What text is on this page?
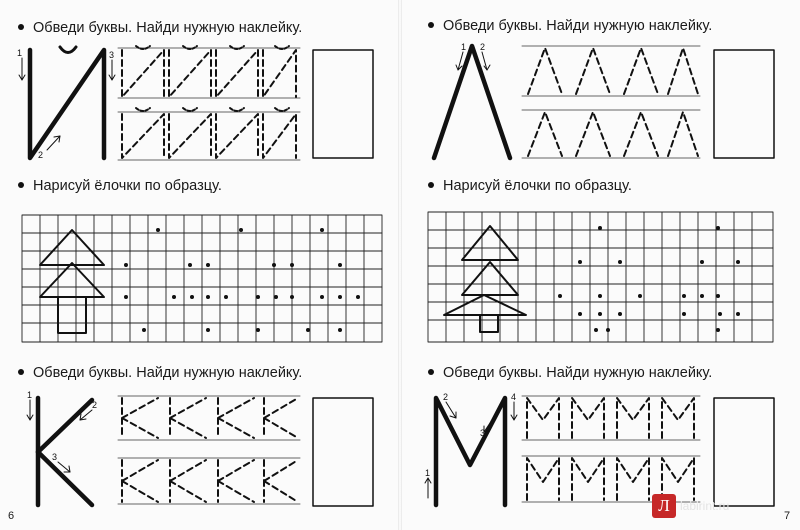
Обведи буквы. Найди нужную наклейку.
Нарисуй ёлочки по образцу.
Обведи буквы. Найди нужную наклейку.
Обведи буквы. Найди нужную наклейку.
Нарисуй ёлочки по образцу.
Обведи буквы. Найди нужную наклейку.
1
2
3
1 2
1
2
3
1
2
3
4
6	7
Л labirint.ru
